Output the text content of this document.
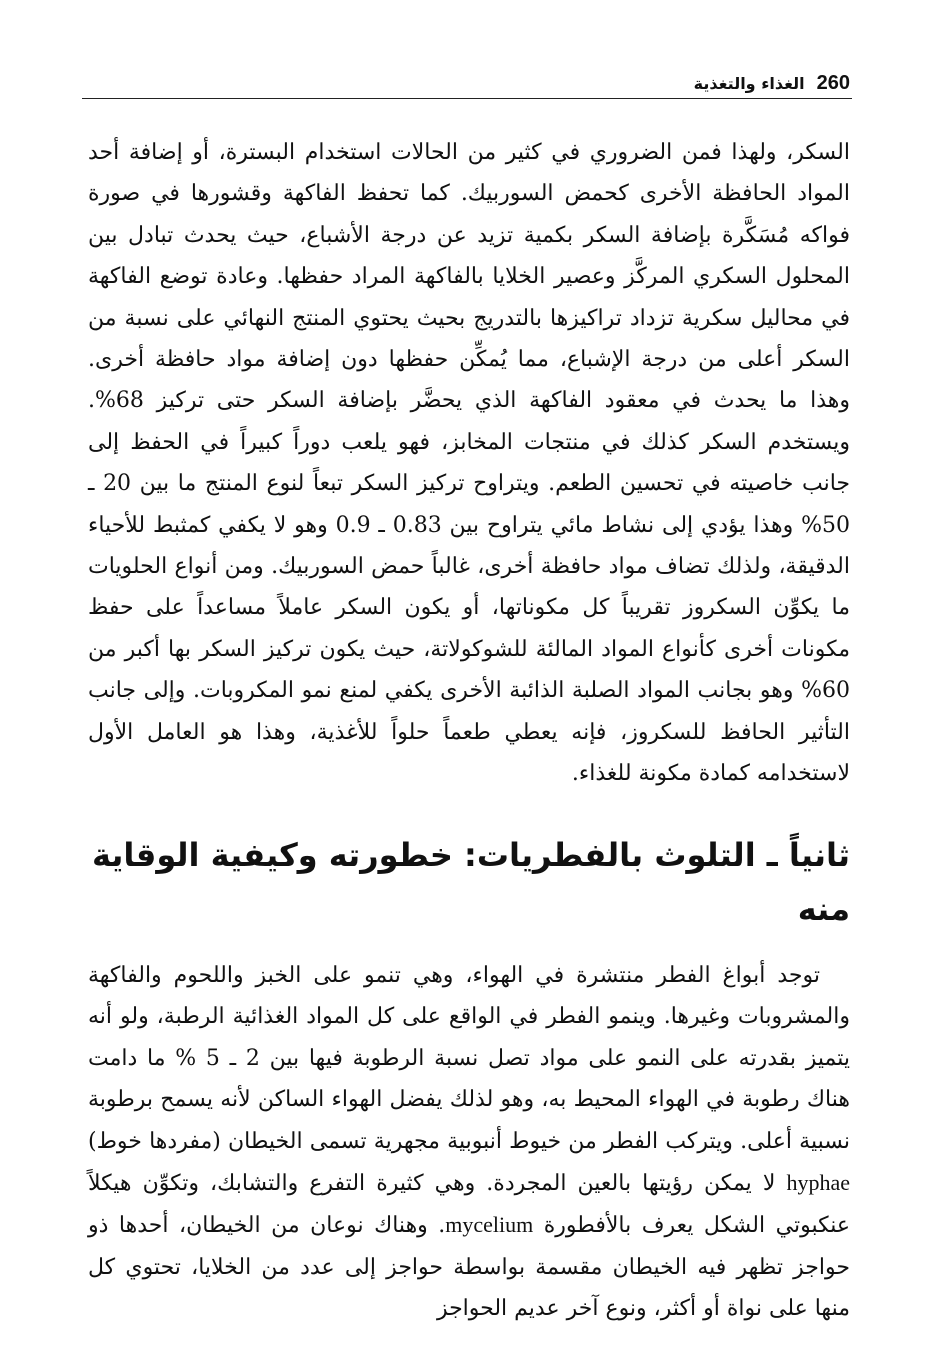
260
الغذاء والتغذية

السكر، ولهذا فمن الضروري في كثير من الحالات استخدام البسترة، أو إضافة أحد المواد الحافظة الأخرى كحمض السوربيك. كما تحفظ الفاكهة وقشورها في صورة فواكه مُسَكَّرة بإضافة السكر بكمية تزيد عن درجة الأشباع، حيث يحدث تبادل بين المحلول السكري المركَّز وعصير الخلايا بالفاكهة المراد حفظها. وعادة توضع الفاكهة في محاليل سكرية تزداد تراكيزها بالتدريج بحيث يحتوي المنتج النهائي على نسبة من السكر أعلى من درجة الإشباع، مما يُمكِّن حفظها دون إضافة مواد حافظة أخرى. وهذا ما يحدث في معقود الفاكهة الذي يحضَّر بإضافة السكر حتى تركيز 68%. ويستخدم السكر كذلك في منتجات المخابز، فهو يلعب دوراً كبيراً في الحفظ إلى جانب خاصيته في تحسين الطعم. ويتراوح تركيز السكر تبعاً لنوع المنتج ما بين 20 ـ 50% وهذا يؤدي إلى نشاط مائي يتراوح بين 0.83 ـ 0.9 وهو لا يكفي كمثبط للأحياء الدقيقة، ولذلك تضاف مواد حافظة أخرى، غالباً حمض السوربيك. ومن أنواع الحلويات ما يكوِّن السكروز تقريباً كل مكوناتها، أو يكون السكر عاملاً مساعداً على حفظ مكونات أخرى كأنواع المواد المالئة للشوكولاتة، حيث يكون تركيز السكر بها أكبر من 60% وهو بجانب المواد الصلبة الذائبة الأخرى يكفي لمنع نمو المكروبات. وإلى جانب التأثير الحافظ للسكروز، فإنه يعطي طعماً حلواً للأغذية، وهذا هو العامل الأول لاستخدامه كمادة مكونة للغذاء.

ثانياً ـ التلوث بالفطريات: خطورته وكيفية الوقاية منه

توجد أبواغ الفطر منتشرة في الهواء، وهي تنمو على الخبز واللحوم والفاكهة والمشروبات وغيرها. وينمو الفطر في الواقع على كل المواد الغذائية الرطبة، ولو أنه يتميز بقدرته على النمو على مواد تصل نسبة الرطوبة فيها بين 2 ـ 5 % ما دامت هناك رطوبة في الهواء المحيط به، وهو لذلك يفضل الهواء الساكن لأنه يسمح برطوبة نسبية أعلى. ويتركب الفطر من خيوط أنبوبية مجهرية تسمى الخيطان (مفردها خوط) hyphae لا يمكن رؤيتها بالعين المجردة. وهي كثيرة التفرع والتشابك، وتكوِّن هيكلاً عنكبوتي الشكل يعرف بالأفطورة mycelium. وهناك نوعان من الخيطان، أحدها ذو حواجز تظهر فيه الخيطان مقسمة بواسطة حواجز إلى عدد من الخلايا، تحتوي كل منها على نواة أو أكثر، ونوع آخر عديم الحواجز
